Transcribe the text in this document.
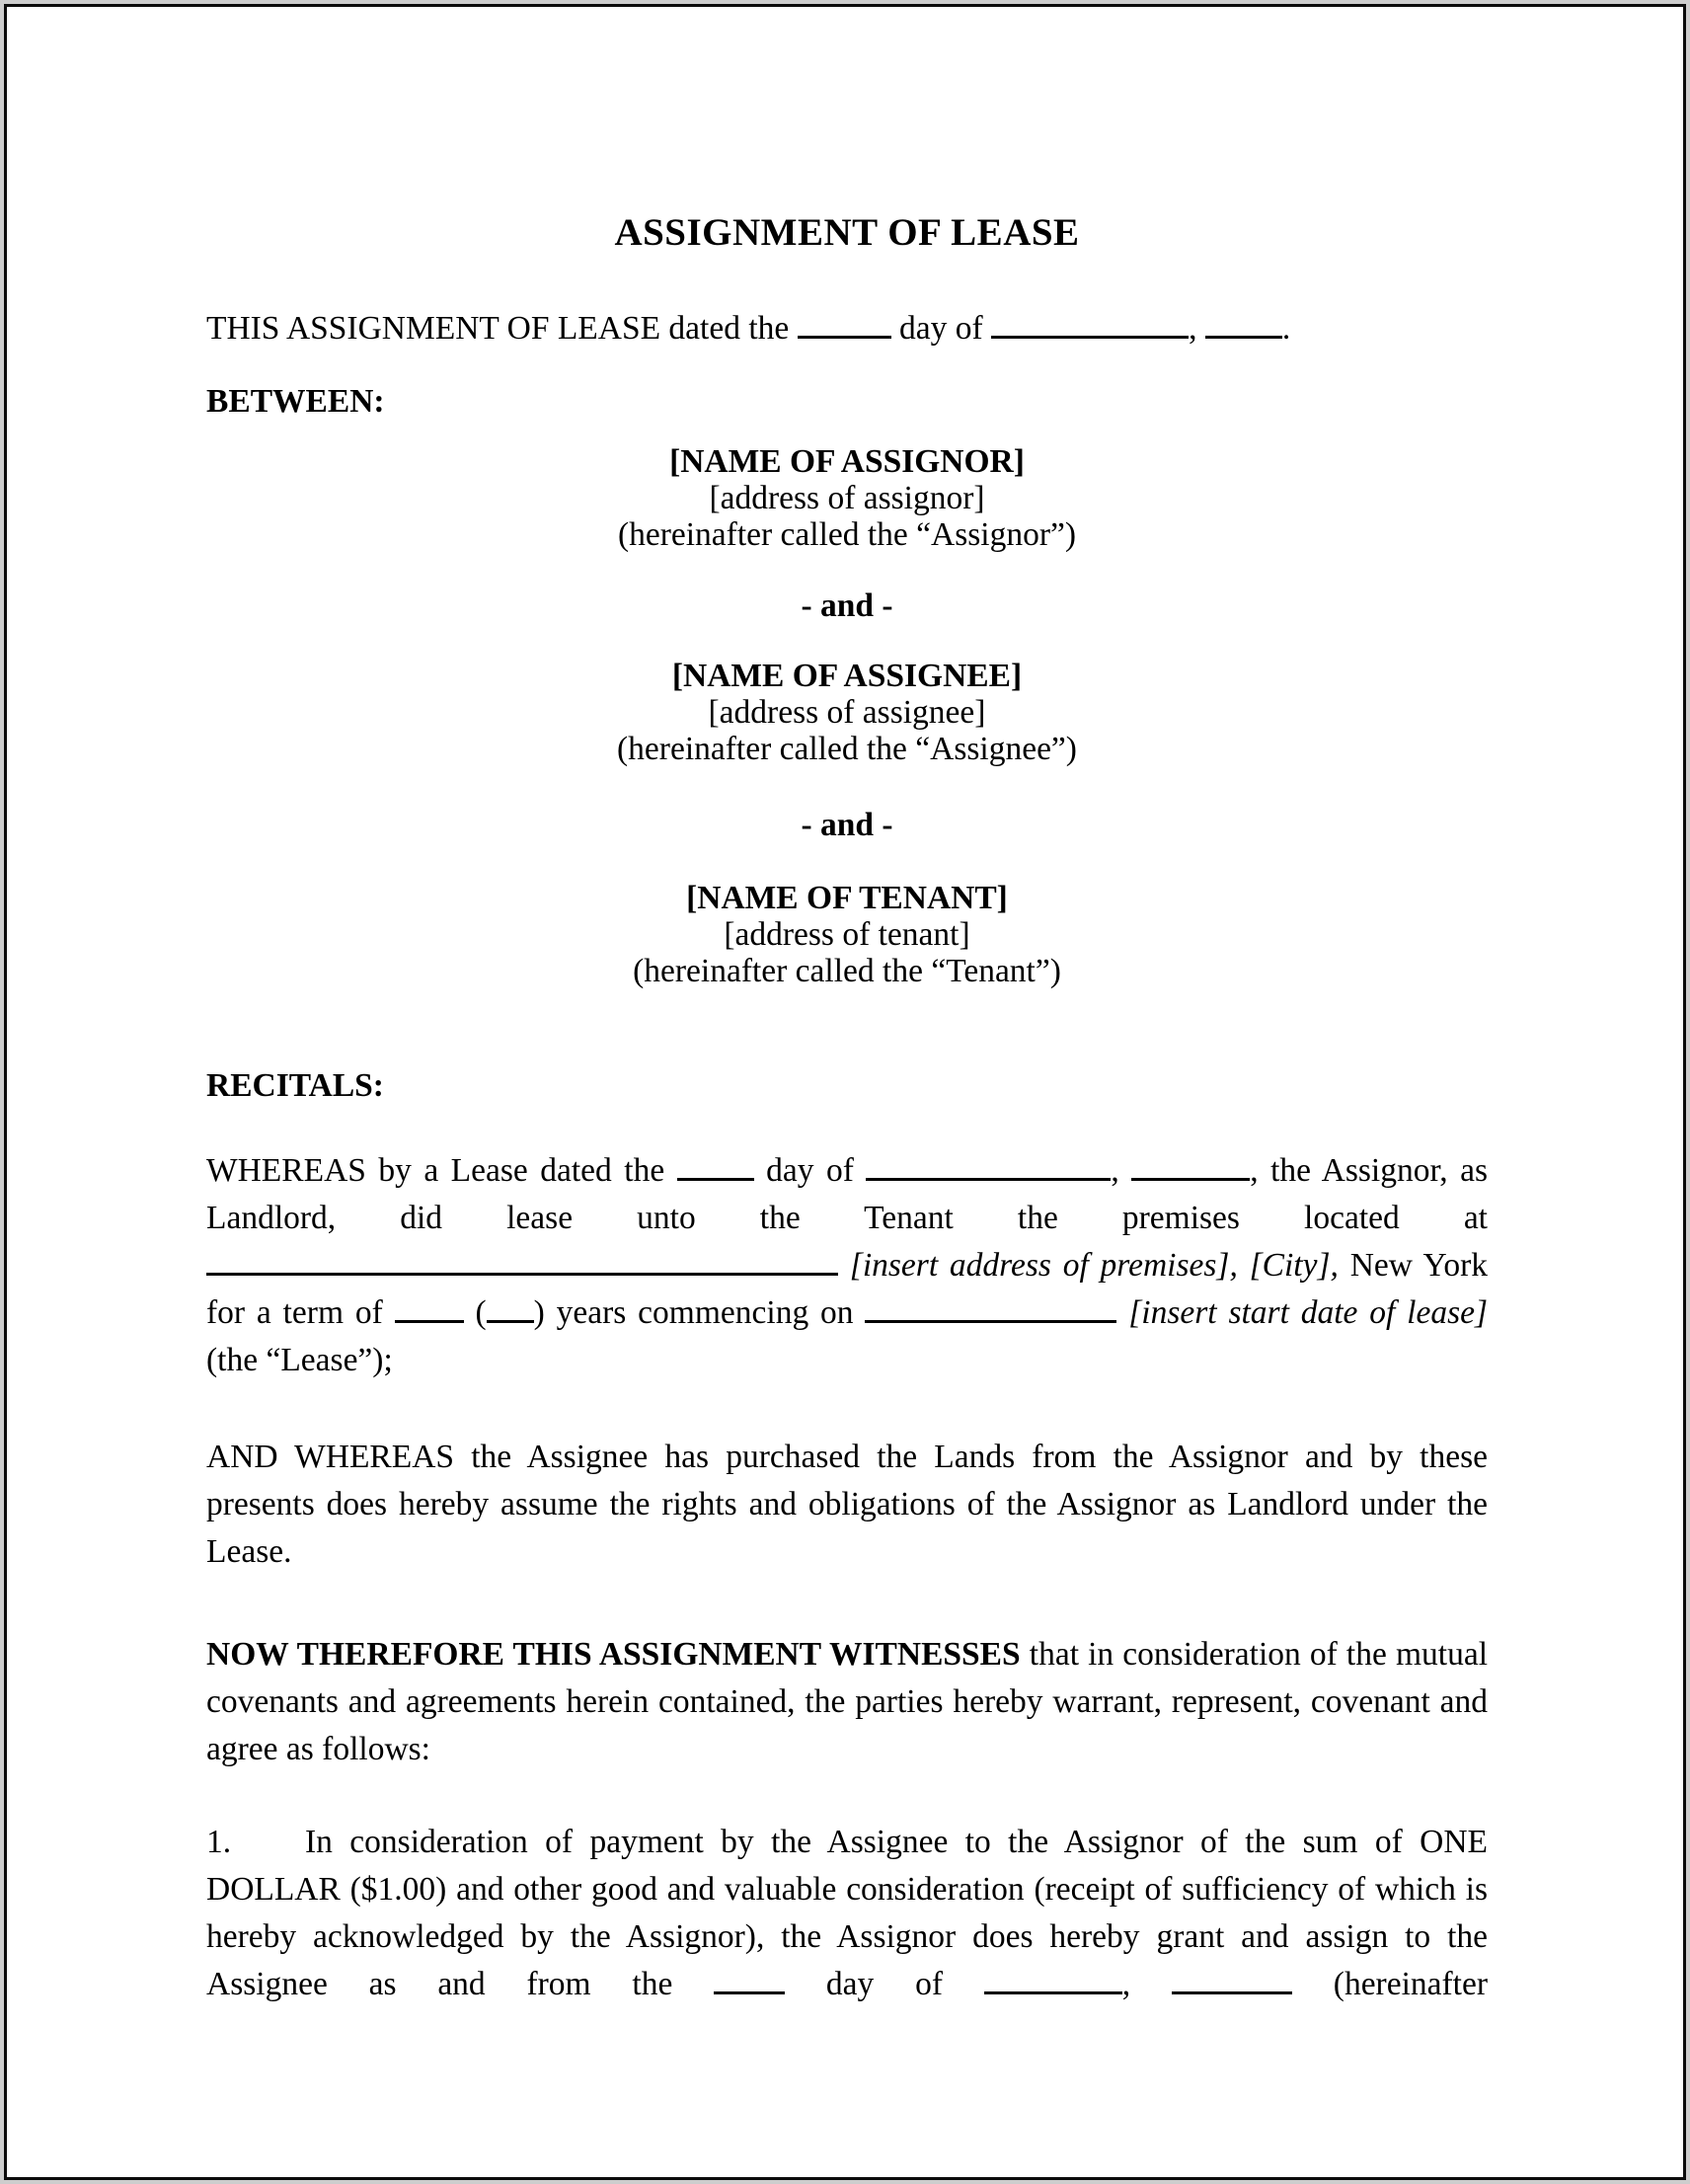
ASSIGNMENT OF LEASE

THIS ASSIGNMENT OF LEASE dated the	day of	, .

BETWEEN:

[NAME OF ASSIGNOR]

[address of assignor]

(hereinafter called the “Assignor”)

- and -

[NAME OF ASSIGNEE]

[address of assignee]

(hereinafter called the “Assignee”)

- and -

[NAME OF TENANT]

[address of tenant]

(hereinafter called the “Tenant”)

RECITALS:

WHEREAS by a Lease dated the  day of	,	, the Assignor, as Landlord, did lease unto the Tenant the premises located at  [insert address of premises], [City], New York for a term of  ( ) years commencing on	[insert start date of lease] (the “Lease”);

AND WHEREAS the Assignee has purchased the Lands from the Assignor and by these presents does hereby assume the rights and obligations of the Assignor as Landlord under the Lease.

NOW THEREFORE THIS ASSIGNMENT WITNESSES that in consideration of the mutual covenants and agreements herein contained, the parties hereby warrant, represent, covenant and agree as follows:

1. In consideration of payment by the Assignee to the Assignor of the sum of ONE DOLLAR ($1.00) and other good and valuable consideration (receipt of sufficiency of which is hereby acknowledged by the Assignor), the Assignor does hereby grant and assign to the Assignee as and from the  day of	,	(hereinafter
